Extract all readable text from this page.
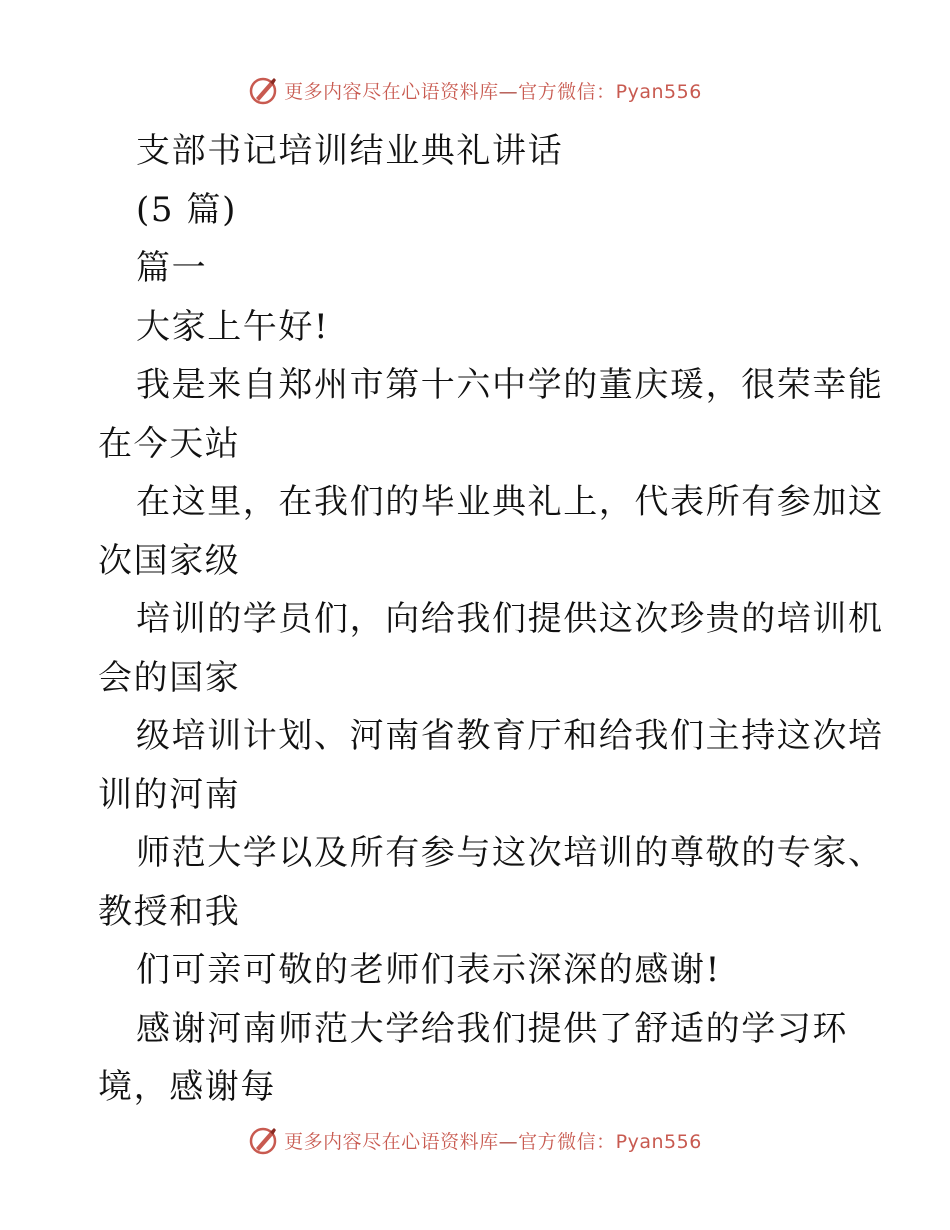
更多内容尽在心语资料库—官方微信：Pyan556
支部书记培训结业典礼讲话
(5 篇)
篇一
大家上午好!
我是来自郑州市第十六中学的董庆瑗，很荣幸能
在今天站
在这里，在我们的毕业典礼上，代表所有参加这
次国家级
培训的学员们，向给我们提供这次珍贵的培训机
会的国家
级培训计划、河南省教育厅和给我们主持这次培
训的河南
师范大学以及所有参与这次培训的尊敬的专家、
教授和我
们可亲可敬的老师们表示深深的感谢!
感谢河南师范大学给我们提供了舒适的学习环
境，感谢每
更多内容尽在心语资料库—官方微信：Pyan556
